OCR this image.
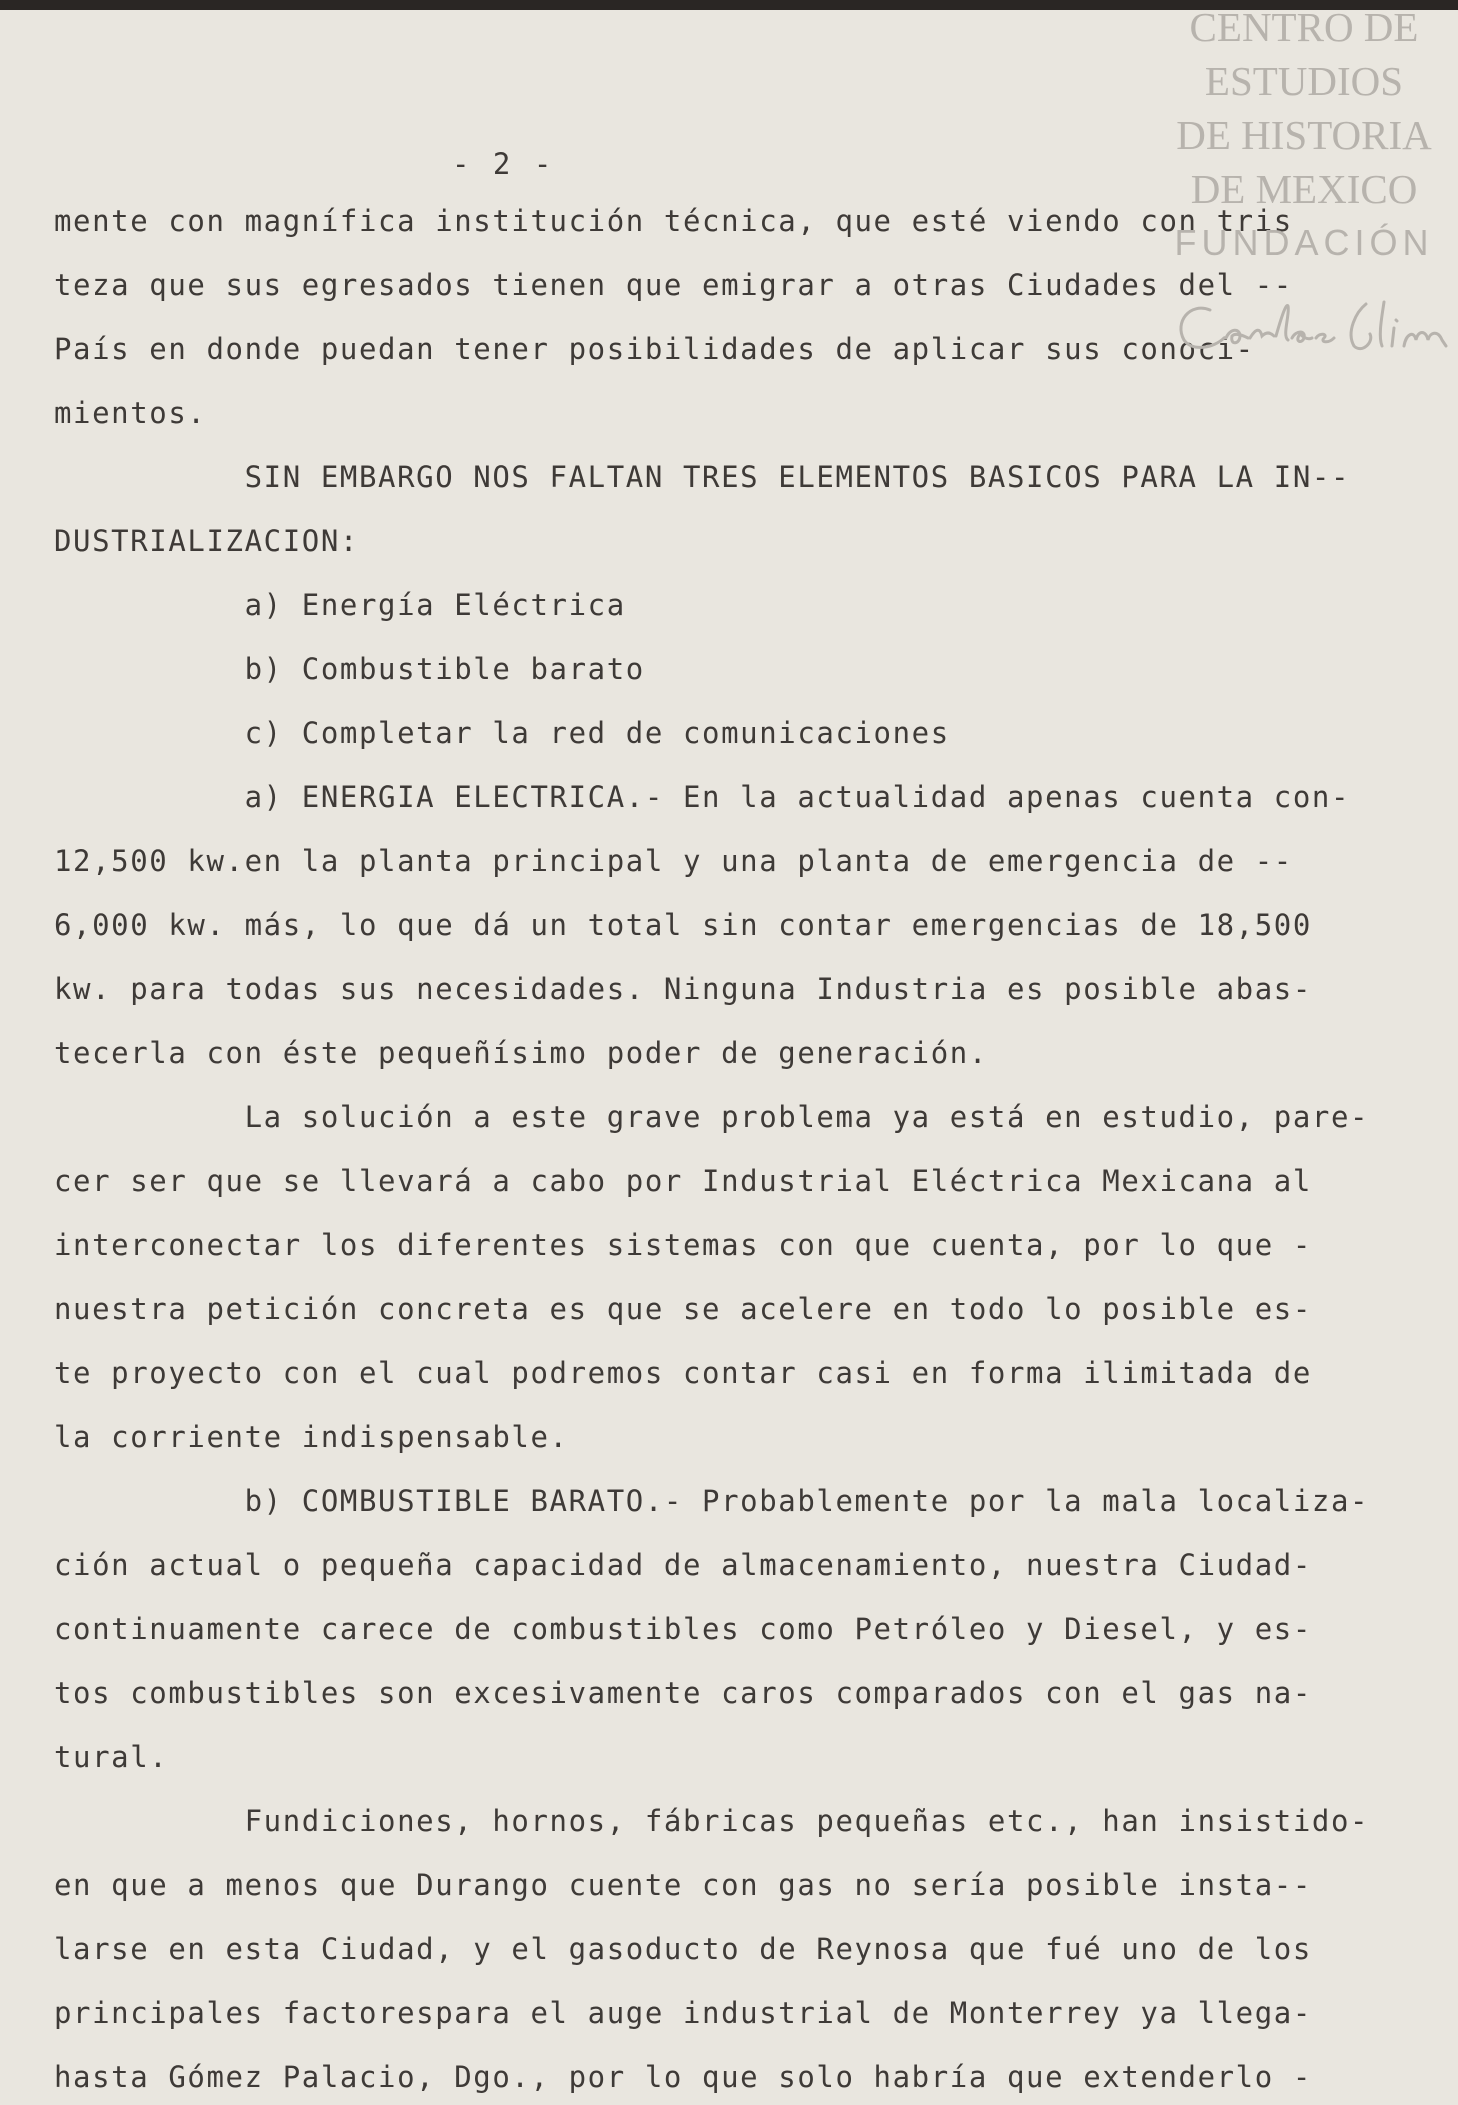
- 2 -

mente con magnífica institución técnica, que esté viendo con tris

teza que sus egresados tienen que emigrar a otras Ciudades del --

País en donde puedan tener posibilidades de aplicar sus conoci-

mientos.

SIN EMBARGO NOS FALTAN TRES ELEMENTOS BASICOS PARA LA IN--

DUSTRIALIZACION:

a) Energía Eléctrica

b) Combustible barato

c) Completar la red de comunicaciones

a) ENERGIA ELECTRICA.- En la actualidad apenas cuenta con-

12,500 kw.en la planta principal y una planta de emergencia de --

6,000 kw. más, lo que dá un total sin contar emergencias de 18,500

kw. para todas sus necesidades. Ninguna Industria es posible abas-

tecerla con éste pequeñísimo poder de generación.

La solución a este grave problema ya está en estudio, pare-

cer ser que se llevará a cabo por Industrial Eléctrica Mexicana al

interconectar los diferentes sistemas con que cuenta, por lo que -

nuestra petición concreta es que se acelere en todo lo posible es-

te proyecto con el cual podremos contar casi en forma ilimitada de

la corriente indispensable.

b) COMBUSTIBLE BARATO.- Probablemente por la mala localiza-

ción actual o pequeña capacidad de almacenamiento, nuestra Ciudad-

continuamente carece de combustibles como Petróleo y Diesel, y es-

tos combustibles son excesivamente caros comparados con el gas na-

tural.

Fundiciones, hornos, fábricas pequeñas etc., han insistido-

en que a menos que Durango cuente con gas no sería posible insta--

larse en esta Ciudad, y el gasoducto de Reynosa que fué uno de los

principales factorespara el auge industrial de Monterrey ya llega-

hasta Gómez Palacio, Dgo., por lo que solo habría que extenderlo -

CENTRO DE
ESTUDIOS
DE HISTORIA
DE MEXICO
FUNDACIÓN
